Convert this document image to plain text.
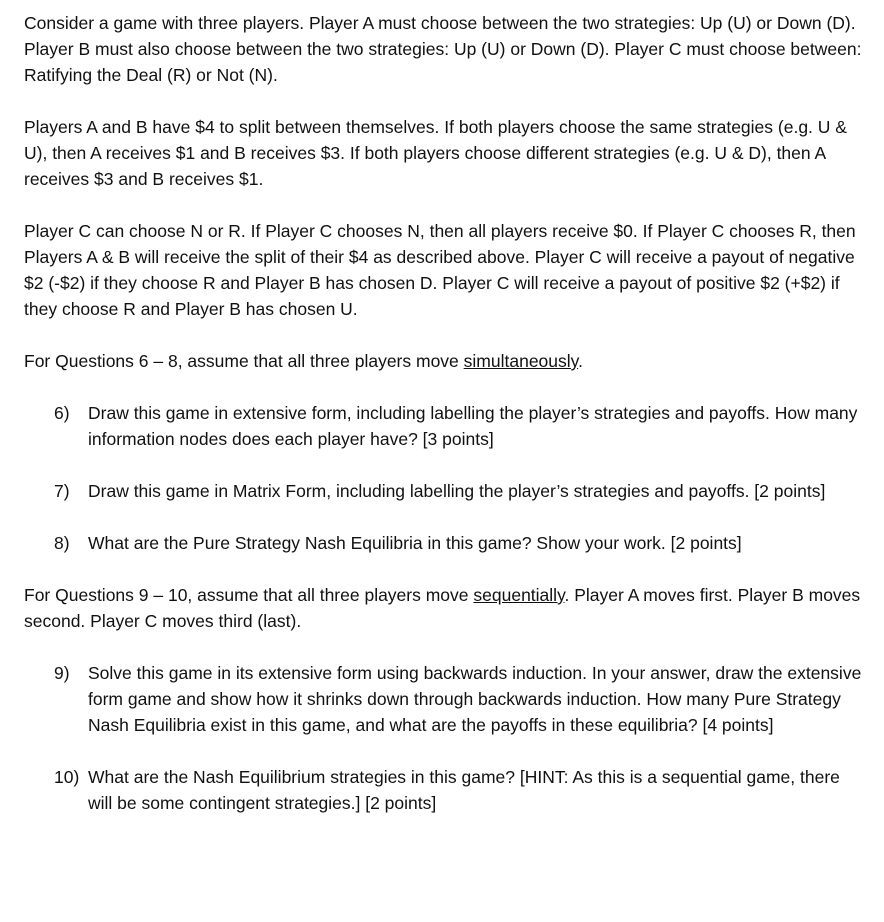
Consider a game with three players. Player A must choose between the two strategies: Up (U) or Down (D). Player B must also choose between the two strategies: Up (U) or Down (D). Player C must choose between: Ratifying the Deal (R) or Not (N).

Players A and B have $4 to split between themselves. If both players choose the same strategies (e.g. U & U), then A receives $1 and B receives $3. If both players choose different strategies (e.g. U & D), then A receives $3 and B receives $1.

Player C can choose N or R. If Player C chooses N, then all players receive $0. If Player C chooses R, then Players A & B will receive the split of their $4 as described above. Player C will receive a payout of negative $2 (-$2) if they choose R and Player B has chosen D. Player C will receive a payout of positive $2 (+$2) if they choose R and Player B has chosen U.

For Questions 6 – 8, assume that all three players move simultaneously.

6) Draw this game in extensive form, including labelling the player’s strategies and payoffs. How many information nodes does each player have? [3 points]
7) Draw this game in Matrix Form, including labelling the player’s strategies and payoffs. [2 points]
8) What are the Pure Strategy Nash Equilibria in this game? Show your work. [2 points]

For Questions 9 – 10, assume that all three players move sequentially. Player A moves first. Player B moves second. Player C moves third (last).

9) Solve this game in its extensive form using backwards induction. In your answer, draw the extensive form game and show how it shrinks down through backwards induction. How many Pure Strategy Nash Equilibria exist in this game, and what are the payoffs in these equilibria? [4 points]
10) What are the Nash Equilibrium strategies in this game? [HINT: As this is a sequential game, there will be some contingent strategies.] [2 points]
